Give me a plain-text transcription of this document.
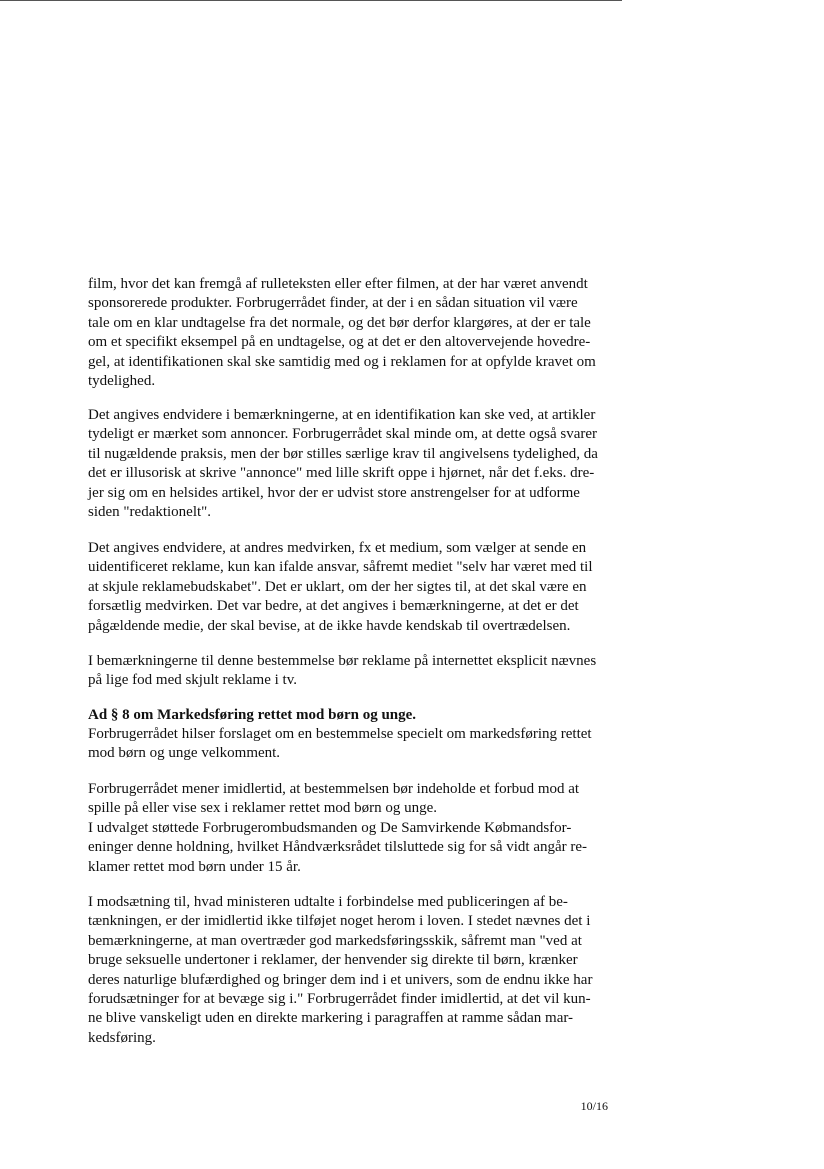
film, hvor det kan fremgå af rulleteksten eller efter filmen, at der har været anvendt
sponsorerede produkter. Forbrugerrådet finder, at der i en sådan situation vil være
tale om en klar undtagelse fra det normale, og det bør derfor klargøres, at der er tale
om et specifikt eksempel på en undtagelse, og at det er den altovervejende hovedre-
gel, at identifikationen skal ske samtidig med og i reklamen for at opfylde kravet om
tydelighed.
Det angives endvidere i bemærkningerne, at en identifikation kan ske ved, at artikler
tydeligt er mærket som annoncer. Forbrugerrådet skal minde om, at dette også svarer
til nugældende praksis, men der bør stilles særlige krav til angivelsens tydelighed, da
det er illusorisk at skrive "annonce" med lille skrift oppe i hjørnet, når det f.eks. dre-
jer sig om en helsides artikel, hvor der er udvist store anstrengelser for at udforme
siden "redaktionelt".
Det angives endvidere, at andres medvirken, fx et medium, som vælger at sende en
uidentificeret reklame, kun kan ifalde ansvar, såfremt mediet "selv har været med til
at skjule reklamebudskabet". Det er uklart, om der her sigtes til, at det skal være en
forsætlig medvirken. Det var bedre, at det angives i bemærkningerne, at det er det
pågældende medie, der skal bevise, at de ikke havde kendskab til overtrædelsen.
I bemærkningerne til denne bestemmelse bør reklame på internettet eksplicit nævnes
på lige fod med skjult reklame i tv.
Ad § 8 om Markedsføring rettet mod børn og unge.
Forbrugerrådet hilser forslaget om en bestemmelse specielt om markedsføring rettet
mod børn og unge velkomment.
Forbrugerrådet mener imidlertid, at bestemmelsen bør indeholde et forbud mod at
spille på eller vise sex i reklamer rettet mod børn og unge.
I udvalget støttede Forbrugerombudsmanden og De Samvirkende Købmandsfor-
eninger denne holdning, hvilket Håndværksrådet tilsluttede sig for så vidt angår re-
klamer rettet mod børn under 15 år.
I modsætning til, hvad ministeren udtalte i forbindelse med publiceringen af be-
tænkningen, er der imidlertid ikke tilføjet noget herom i loven. I stedet nævnes det i
bemærkningerne, at man overtræder god markedsføringsskik, såfremt man "ved at
bruge seksuelle undertoner i reklamer, der henvender sig direkte til børn, krænker
deres naturlige blufærdighed og bringer dem ind i et univers, som de endnu ikke har
forudsætninger for at bevæge sig i." Forbrugerrådet finder imidlertid, at det vil kun-
ne blive vanskeligt uden en direkte markering i paragraffen at ramme sådan mar-
kedsføring.
10/16
